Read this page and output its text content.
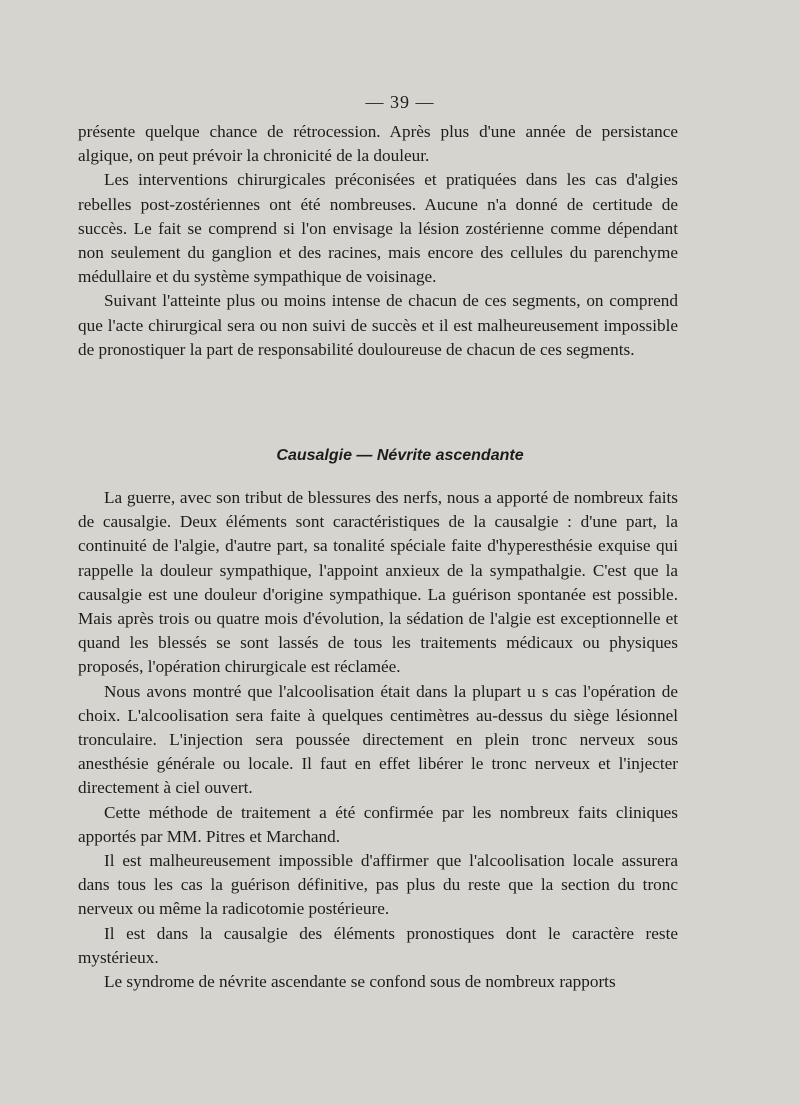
— 39 —

présente quelque chance de rétrocession. Après plus d'une année de persistance algique, on peut prévoir la chronicité de la douleur.

Les interventions chirurgicales préconisées et pratiquées dans les cas d'algies rebelles post-zostériennes ont été nombreuses. Aucune n'a donné de certitude de succès. Le fait se comprend si l'on envisage la lésion zostérienne comme dépendant non seulement du ganglion et des racines, mais encore des cellules du parenchyme médullaire et du système sympathique de voisinage.

Suivant l'atteinte plus ou moins intense de chacun de ces segments, on comprend que l'acte chirurgical sera ou non suivi de succès et il est malheureusement impossible de pronostiquer la part de responsabilité douloureuse de chacun de ces segments.

Causalgie — Névrite ascendante

La guerre, avec son tribut de blessures des nerfs, nous a apporté de nombreux faits de causalgie. Deux éléments sont caractéristiques de la causalgie : d'une part, la continuité de l'algie, d'autre part, sa tonalité spéciale faite d'hyperesthésie exquise qui rappelle la douleur sympathique, l'appoint anxieux de la sympathalgie. C'est que la causalgie est une douleur d'origine sympathique. La guérison spontanée est possible. Mais après trois ou quatre mois d'évolution, la sédation de l'algie est exceptionnelle et quand les blessés se sont lassés de tous les traitements médicaux ou physiques proposés, l'opération chirurgicale est réclamée.

Nous avons montré que l'alcoolisation était dans la plupart u s cas l'opération de choix. L'alcoolisation sera faite à quelques centimètres au-dessus du siège lésionnel tronculaire. L'injection sera poussée directement en plein tronc nerveux sous anesthésie générale ou locale. Il faut en effet libérer le tronc nerveux et l'injecter directement à ciel ouvert.

Cette méthode de traitement a été confirmée par les nombreux faits cliniques apportés par MM. Pitres et Marchand.

Il est malheureusement impossible d'affirmer que l'alcoolisation locale assurera dans tous les cas la guérison définitive, pas plus du reste que la section du tronc nerveux ou même la radicotomie postérieure.

Il est dans la causalgie des éléments pronostiques dont le caractère reste mystérieux.

Le syndrome de névrite ascendante se confond sous de nombreux rapports
